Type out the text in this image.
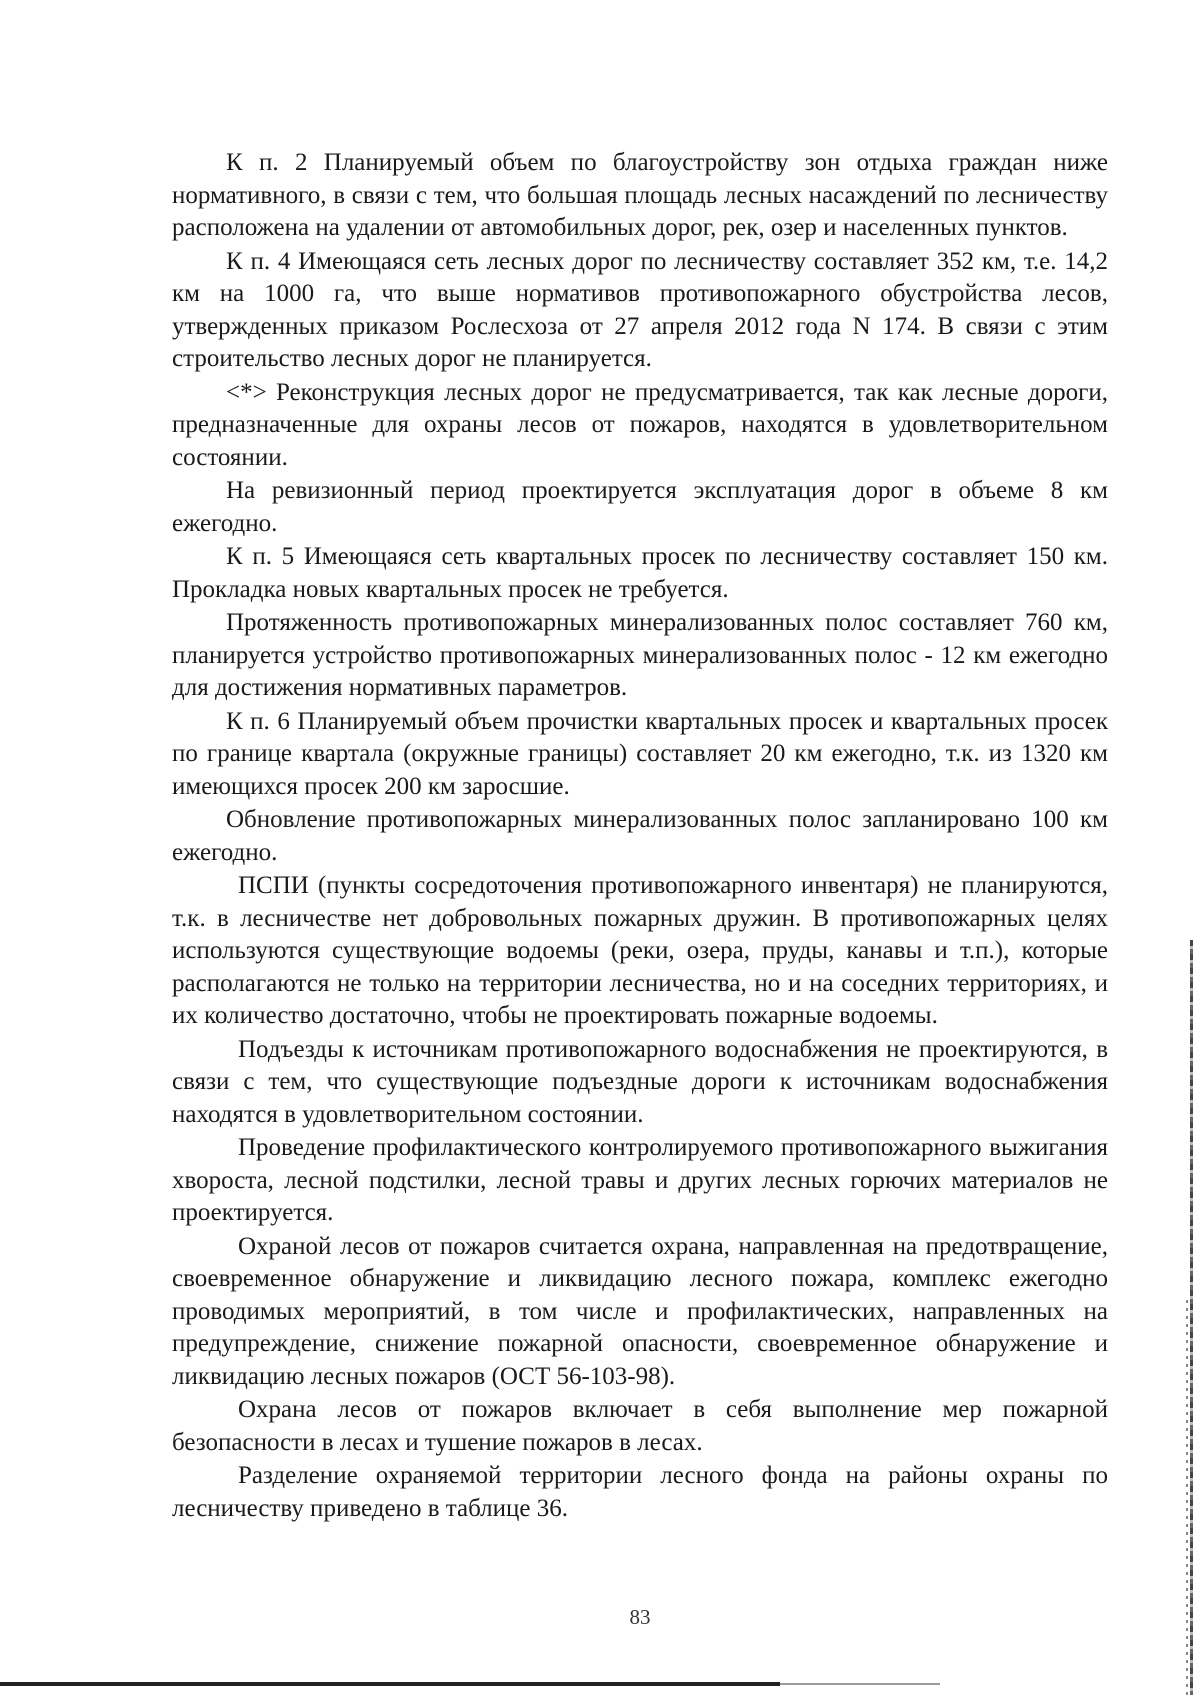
К п. 2 Планируемый объем по благоустройству зон отдыха граждан ниже нормативного, в связи с тем, что большая площадь лесных насаждений по лесничеству расположена на удалении от автомобильных дорог, рек, озер и населенных пунктов.

К п. 4 Имеющаяся сеть лесных дорог по лесничеству составляет 352 км, т.е. 14,2 км на 1000 га, что выше нормативов противопожарного обустройства лесов, утвержденных приказом Рослесхоза от 27 апреля 2012 года N 174. В связи с этим строительство лесных дорог не планируется.

<*> Реконструкция лесных дорог не предусматривается, так как лесные дороги, предназначенные для охраны лесов от пожаров, находятся в удовлетворительном состоянии.

На ревизионный период проектируется эксплуатация дорог в объеме 8 км ежегодно.

К п. 5 Имеющаяся сеть квартальных просек по лесничеству составляет 150 км. Прокладка новых квартальных просек не требуется.

Протяженность противопожарных минерализованных полос составляет 760 км, планируется устройство противопожарных минерализованных полос - 12 км ежегодно для достижения нормативных параметров.

К п. 6 Планируемый объем прочистки квартальных просек и квартальных просек по границе квартала (окружные границы) составляет 20 км ежегодно, т.к. из 1320 км имеющихся просек 200 км заросшие.

Обновление противопожарных минерализованных полос запланировано 100 км ежегодно.

ПСПИ (пункты сосредоточения противопожарного инвентаря) не планируются, т.к. в лесничестве нет добровольных пожарных дружин. В противопожарных целях используются существующие водоемы (реки, озера, пруды, канавы и т.п.), которые располагаются не только на территории лесничества, но и на соседних территориях, и их количество достаточно, чтобы не проектировать пожарные водоемы.

Подъезды к источникам противопожарного водоснабжения не проектируются, в связи с тем, что существующие подъездные дороги к источникам водоснабжения находятся в удовлетворительном состоянии.

Проведение профилактического контролируемого противопожарного выжигания хвороста, лесной подстилки, лесной травы и других лесных горючих материалов не проектируется.

Охраной лесов от пожаров считается охрана, направленная на предотвращение, своевременное обнаружение и ликвидацию лесного пожара, комплекс ежегодно проводимых мероприятий, в том числе и профилактических, направленных на предупреждение, снижение пожарной опасности, своевременное обнаружение и ликвидацию лесных пожаров (ОСТ 56-103-98).

Охрана лесов от пожаров включает в себя выполнение мер пожарной безопасности в лесах и тушение пожаров в лесах.

Разделение охраняемой территории лесного фонда на районы охраны по лесничеству приведено в таблице 36.

83
